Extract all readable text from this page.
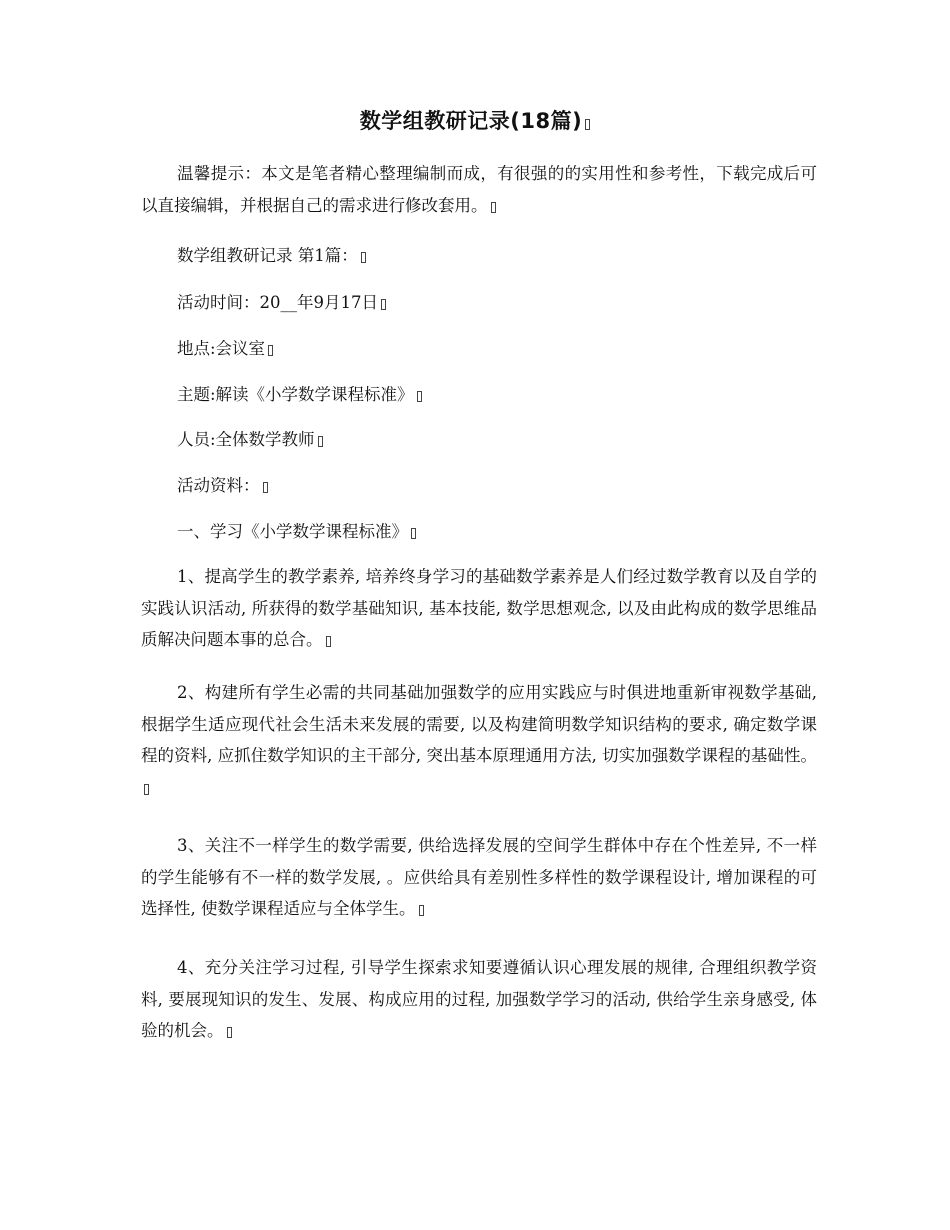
数学组教研记录(18篇)

温馨提示：本文是笔者精心整理编制而成，有很强的的实用性和参考性，下载完成后可以直接编辑，并根据自己的需求进行修改套用。

数学组教研记录 第1篇：

活动时间：20__年9月17日

地点:会议室

主题:解读《小学数学课程标准》

人员:全体数学教师

活动资料：

一、学习《小学数学课程标准》

1、提高学生的教学素养, 培养终身学习的基础数学素养是人们经过数学教育以及自学的实践认识活动, 所获得的数学基础知识, 基本技能, 数学思想观念, 以及由此构成的数学思维品质解决问题本事的总合。

2、构建所有学生必需的共同基础加强数学的应用实践应与时俱进地重新审视数学基础, 根据学生适应现代社会生活未来发展的需要, 以及构建简明数学知识结构的要求, 确定数学课程的资料, 应抓住数学知识的主干部分, 突出基本原理通用方法, 切实加强数学课程的基础性。

3、关注不一样学生的数学需要, 供给选择发展的空间学生群体中存在个性差异, 不一样的学生能够有不一样的数学发展, 。应供给具有差别性多样性的数学课程设计, 增加课程的可选择性, 使数学课程适应与全体学生。

4、充分关注学习过程, 引导学生探索求知要遵循认识心理发展的规律, 合理组织教学资料, 要展现知识的发生、发展、构成应用的过程, 加强数学学习的活动, 供给学生亲身感受, 体验的机会。
